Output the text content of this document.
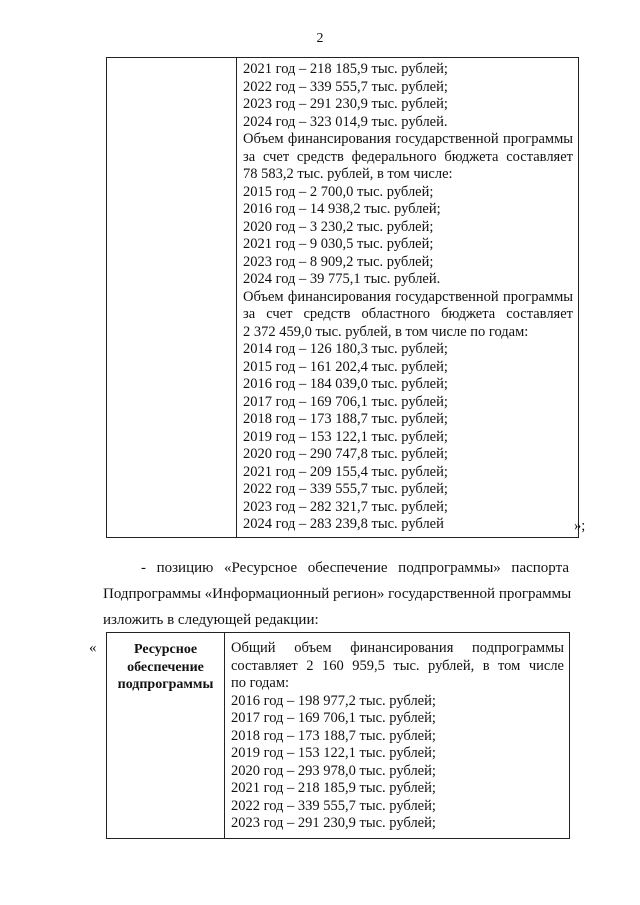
2
2021 год – 218 185,9 тыс. рублей;
2022 год – 339 555,7 тыс. рублей;
2023 год – 291 230,9 тыс. рублей;
2024 год – 323 014,9 тыс. рублей.
Объем финансирования государственной программы
за счет средств федерального бюджета составляет
78 583,2 тыс. рублей, в том числе:
2015 год – 2 700,0 тыс. рублей;
2016 год – 14 938,2 тыс. рублей;
2020 год – 3 230,2 тыс. рублей;
2021 год – 9 030,5 тыс. рублей;
2023 год – 8 909,2 тыс. рублей;
2024 год – 39 775,1 тыс. рублей.
Объем финансирования государственной программы
за счет средств областного бюджета составляет
2 372 459,0 тыс. рублей, в том числе по годам:
2014 год – 126 180,3 тыс. рублей;
2015 год – 161 202,4 тыс. рублей;
2016 год – 184 039,0 тыс. рублей;
2017 год – 169 706,1 тыс. рублей;
2018 год – 173 188,7 тыс. рублей;
2019 год – 153 122,1 тыс. рублей;
2020 год – 290 747,8 тыс. рублей;
2021 год – 209 155,4 тыс. рублей;
2022 год – 339 555,7 тыс. рублей;
2023 год – 282 321,7 тыс. рублей;
2024 год – 283 239,8 тыс. рублей	»;
- позицию «Ресурсное обеспечение подпрограммы» паспорта
Подпрограммы «Информационный регион» государственной программы
изложить в следующей редакции:
«	Ресурсное
обеспечение
подпрограммы
Общий объем финансирования подпрограммы
составляет 2 160 959,5 тыс. рублей, в том числе
по годам:
2016 год – 198 977,2 тыс. рублей;
2017 год – 169 706,1 тыс. рублей;
2018 год – 173 188,7 тыс. рублей;
2019 год – 153 122,1 тыс. рублей;
2020 год – 293 978,0 тыс. рублей;
2021 год – 218 185,9 тыс. рублей;
2022 год – 339 555,7 тыс. рублей;
2023 год – 291 230,9 тыс. рублей;
